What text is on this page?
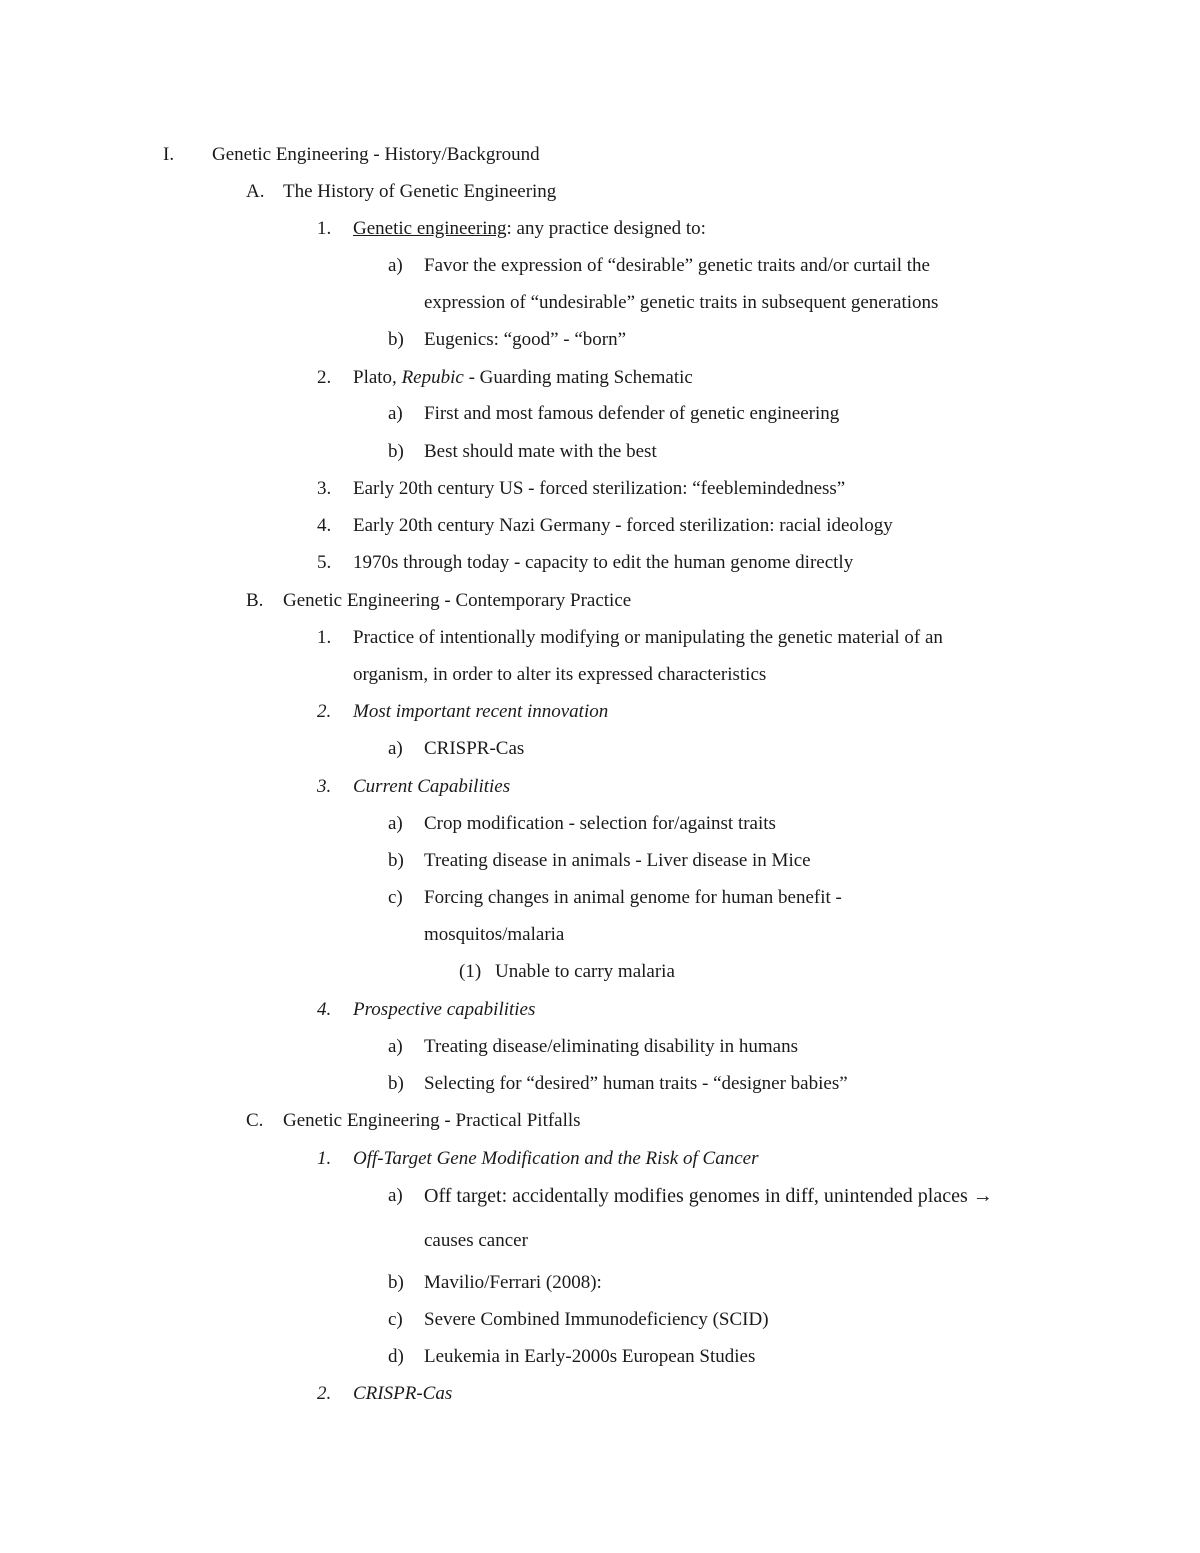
I. Genetic Engineering - History/Background
A. The History of Genetic Engineering
1. Genetic engineering: any practice designed to:
a) Favor the expression of “desirable” genetic traits and/or curtail the
expression of “undesirable” genetic traits in subsequent generations
b) Eugenics: “good” - “born”
2. Plato, Repubic - Guarding mating Schematic
a) First and most famous defender of genetic engineering
b) Best should mate with the best
3. Early 20th century US - forced sterilization: “feeblemindedness”
4. Early 20th century Nazi Germany - forced sterilization: racial ideology
5. 1970s through today - capacity to edit the human genome directly
B. Genetic Engineering - Contemporary Practice
1. Practice of intentionally modifying or manipulating the genetic material of an
organism, in order to alter its expressed characteristics
2. Most important recent innovation
a) CRISPR-Cas
3. Current Capabilities
a) Crop modification - selection for/against traits
b) Treating disease in animals - Liver disease in Mice
c) Forcing changes in animal genome for human benefit -
mosquitos/malaria
(1) Unable to carry malaria
4. Prospective capabilities
a) Treating disease/eliminating disability in humans
b) Selecting for “desired” human traits - “designer babies”
C. Genetic Engineering - Practical Pitfalls
1. Off-Target Gene Modification and the Risk of Cancer
a) Off target: accidentally modifies genomes in diff, unintended places →
causes cancer
b) Mavilio/Ferrari (2008):
c) Severe Combined Immunodeficiency (SCID)
d) Leukemia in Early-2000s European Studies
2. CRISPR-Cas
